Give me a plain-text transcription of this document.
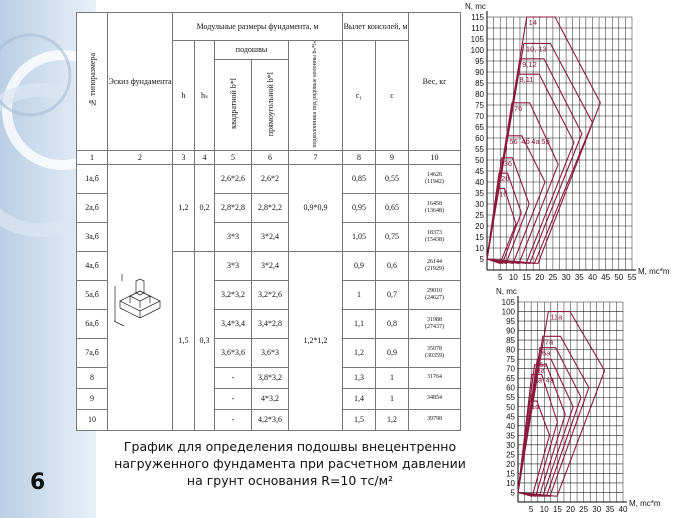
№ типоразмера	Эскиз фундамента	Модульные размеры фундамента, м					Вылет консолей, м		Вес, кг
		h	hₛ	подошвы		подколонника под рядовые колонны bₙ*lₙ	c₁	c	
				квадратной b*l	прямоугольной b*l				
1	2	3	4	5	6	7	8	9	10
1а,б		1,2	0,2	2,6*2,6	2,6*2	0,9*0,9	0,85	0,55	14626
(11942)
2а,б				2,8*2,8	2,8*2,2		0,95	0,65	16458
(13648)
3а,б				3*3	3*2,4		1,05	0,75	18373
(15438)
4а,б		1,5	0,3	3*3	3*2,4	1,2*1,2	0,9	0,6	26144
(21929)
5а,б				3,2*3,2	3,2*2,6		1	0,7	29010
(24627)
6а,б				3,4*3,4	3,4*2,8		1,1	0,8	31988
(27437)
7а,б				3,6*3,6	3,6*3		1,2	0,9	35078
(30359)
8				-	3,8*3,2		1,3	1	31764
9				-	4*3,2		1,4	1	34854
10				-	4,2*3,6		1,5	1,2	39798
5
10
15
20
25
30
35
40
45
50
55
60
65
70
75
80
85
90
95
100
105
110
115
5 10 15 20 25 30 35 40 45 50 55
N, mc
M, mc*m
14
10, 13
9,12
8,11
76
56
36
2б
1б
4б 4а 5б
5
10
15
20
25
30
35
40
45
50
55
60
65
70
75
80
85
90
95
100
105
5 10 15 20 25 30 35 40
N, mc
M, mc*m
11а
7а
6а
5а
3а
2а
1а
4а
График для определения подошвы внецентренно
нагруженного фундамента при расчетном давлении
на грунт основания R=10 тс/м²
6
